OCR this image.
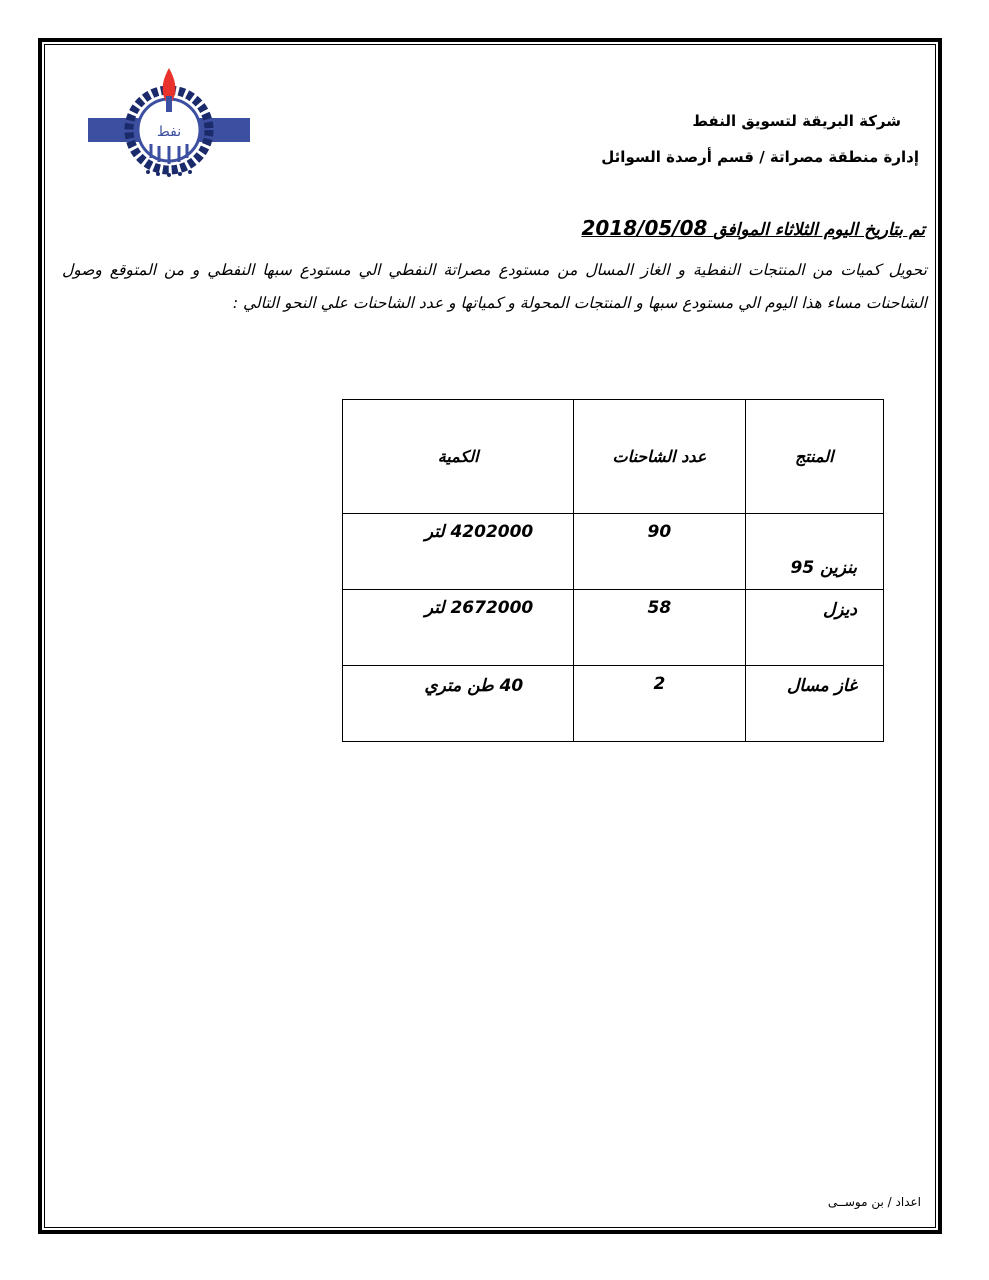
نفط
شركة البريقة لتسويق النفط
إدارة منطقة مصراتة / قسم أرصدة السوائل
تم بتاريخ اليوم الثلاثاء الموافق 2018/05/08
تحويل كميات من المنتجات النفطية و الغاز المسال من مستودع مصراتة النفطي الي مستودع سبها النفطي و من المتوقع وصول الشاحنات مساء هذا اليوم الي مستودع سبها و المنتجات المحولة و كمياتها و عدد الشاحنات علي النحو التالي :
المنتج	عدد الشاحنات	الكمية

بنزين 95	90	4202000 لتر

ديزل	58	2672000 لتر

غاز مسال	2	40 طن متري
اعداد / بن موســى
